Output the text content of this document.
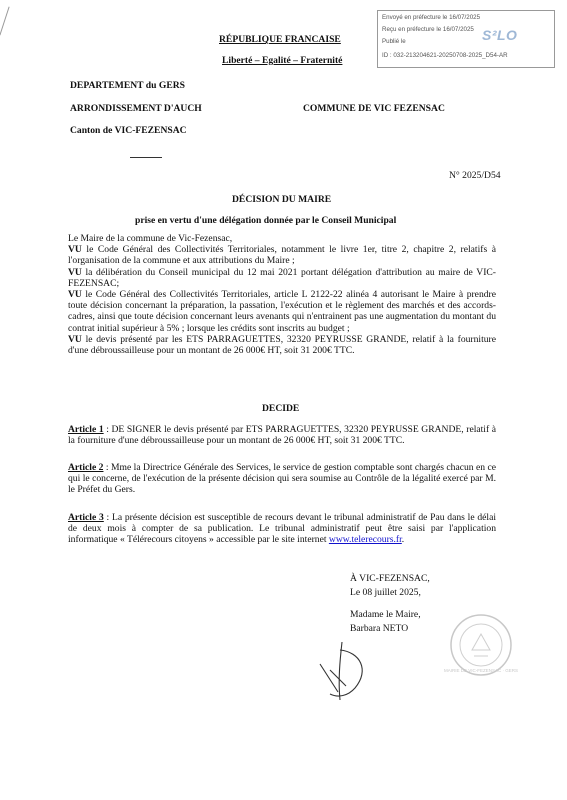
Envoyé en préfecture le 16/07/2025
Reçu en préfecture le 16/07/2025
Publié le
ID : 032-213204621-20250708-2025_D54-AR
S²LO
RÉPUBLIQUE FRANCAISE
Liberté – Egalité – Fraternité
DEPARTEMENT du GERS
ARRONDISSEMENT D'AUCH	COMMUNE DE VIC FEZENSAC
Canton de VIC-FEZENSAC
N° 2025/D54
DÉCISION DU MAIRE
prise en vertu d'une délégation donnée par le Conseil Municipal
Le Maire de la commune de Vic-Fezensac,
VU le Code Général des Collectivités Territoriales, notamment le livre 1er, titre 2, chapitre 2, relatifs à l'organisation de la commune et aux attributions du Maire ;
VU la délibération du Conseil municipal du 12 mai 2021 portant délégation d'attribution au maire de VIC-FEZENSAC;
VU le Code Général des Collectivités Territoriales, article L 2122-22 alinéa 4 autorisant le Maire à prendre toute décision concernant la préparation, la passation, l'exécution et le règlement des marchés et des accords-cadres, ainsi que toute décision concernant leurs avenants qui n'entrainent pas une augmentation du montant du contrat initial supérieur à 5% ; lorsque les crédits sont inscrits au budget ;
VU le devis présenté par les ETS PARRAGUETTES, 32320 PEYRUSSE GRANDE, relatif à la fourniture d'une débroussailleuse pour un montant de 26 000€ HT, soit 31 200€ TTC.
DECIDE
Article 1 : DE SIGNER le devis présenté par ETS PARRAGUETTES, 32320 PEYRUSSE GRANDE, relatif à la fourniture d'une débroussailleuse pour un montant de 26 000€ HT, soit 31 200€ TTC.
Article 2 : Mme la Directrice Générale des Services, le service de gestion comptable sont chargés chacun en ce qui le concerne, de l'exécution de la présente décision qui sera soumise au Contrôle de la légalité exercé par M. le Préfet du Gers.
Article 3 : La présente décision est susceptible de recours devant le tribunal administratif de Pau dans le délai de deux mois à compter de sa publication. Le tribunal administratif peut être saisi par l'application informatique « Télérecours citoyens » accessible par le site internet www.telerecours.fr.
À VIC-FEZENSAC,
Le 08 juillet 2025,
Madame le Maire,
Barbara NETO
MAIRIE DE VIC-FEZENSAC · GERS
